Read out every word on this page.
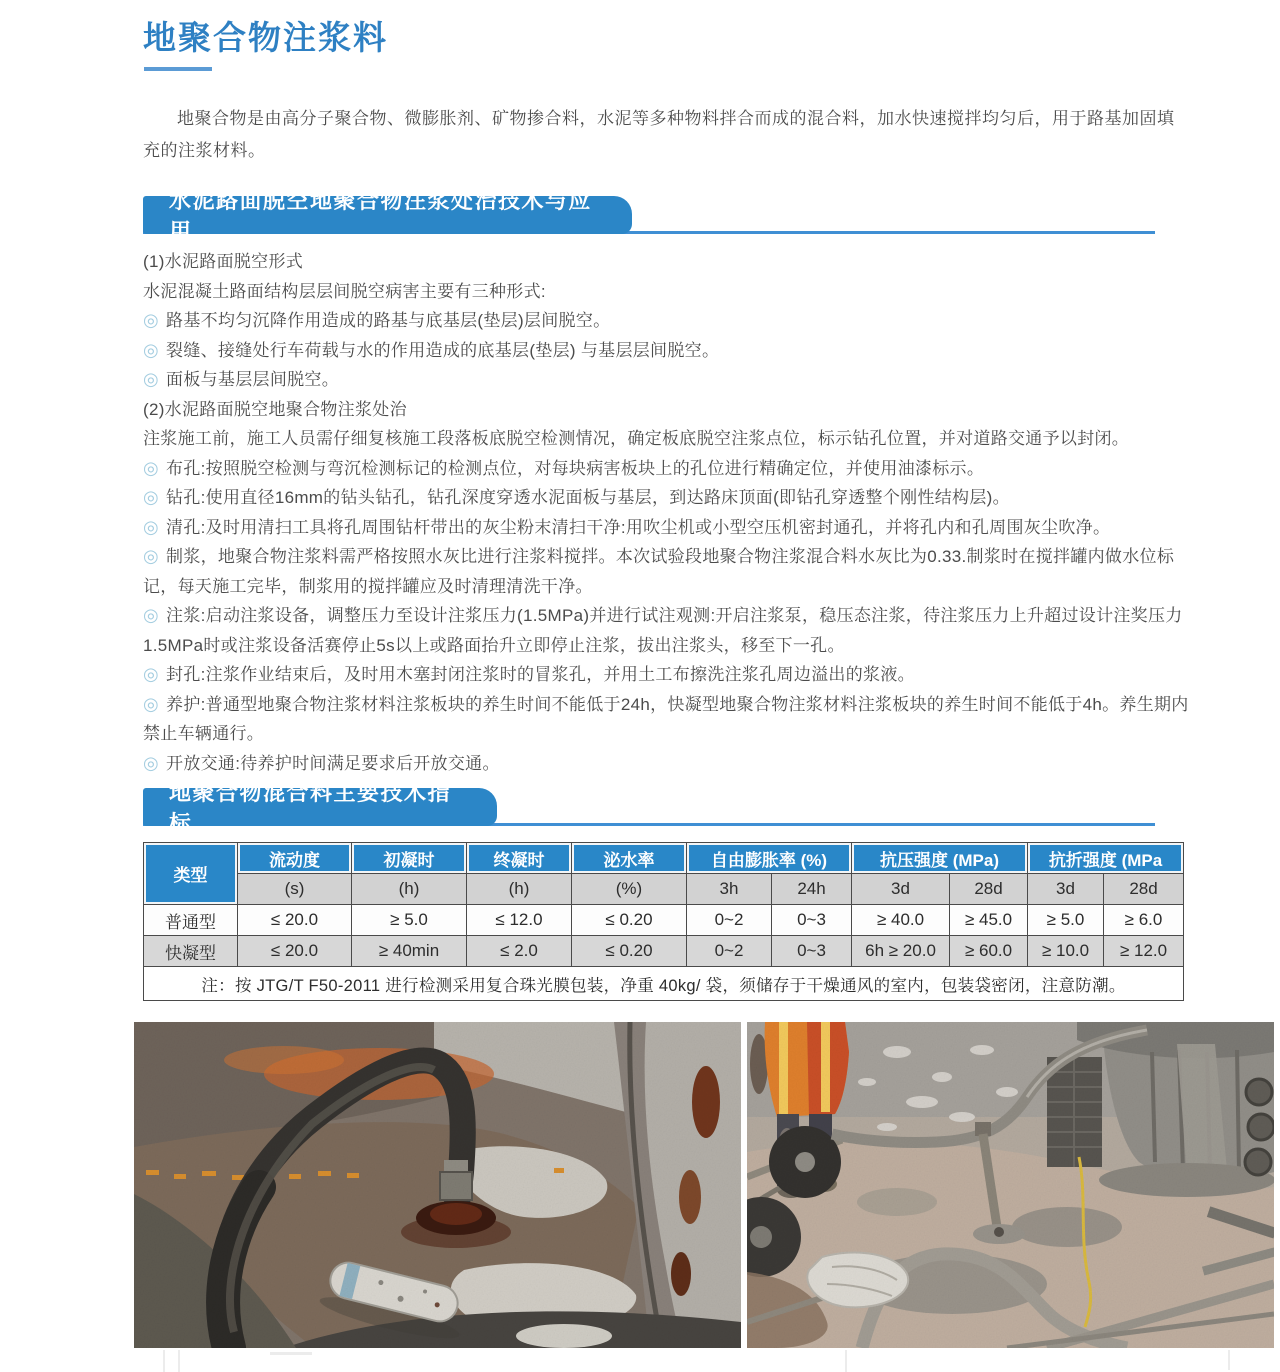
地聚合物注浆料

地聚合物是由高分子聚合物、微膨胀剂、矿物掺合料，水泥等多种物料拌合而成的混合料，加水快速搅拌均匀后，用于路基加固填充的注浆材料。

水泥路面脱空地聚合物注浆处治技术与应用

(1)水泥路面脱空形式

水泥混凝土路面结构层层间脱空病害主要有三种形式:

◎ 路基不均匀沉降作用造成的路基与底基层(垫层)层间脱空。

◎ 裂缝、接缝处行车荷载与水的作用造成的底基层(垫层) 与基层层间脱空。

◎ 面板与基层层间脱空。

(2)水泥路面脱空地聚合物注浆处治

注浆施工前，施工人员需仔细复核施工段落板底脱空检测情况，确定板底脱空注浆点位，标示钻孔位置，并对道路交通予以封闭。

◎ 布孔:按照脱空检测与弯沉检测标记的检测点位，对每块病害板块上的孔位进行精确定位，并使用油漆标示。

◎ 钻孔:使用直径16mm的钻头钻孔，钻孔深度穿透水泥面板与基层，到达路床顶面(即钻孔穿透整个刚性结构层)。

◎ 清孔:及时用清扫工具将孔周围钻杆带出的灰尘粉末清扫干净:用吹尘机或小型空压机密封通孔，并将孔内和孔周围灰尘吹净。

◎ 制浆，地聚合物注浆料需严格按照水灰比进行注浆料搅拌。本次试验段地聚合物注浆混合料水灰比为0.33.制浆时在搅拌罐内做水位标记，每天施工完毕，制浆用的搅拌罐应及时清理清洗干净。

◎ 注浆:启动注浆设备，调整压力至设计注浆压力(1.5MPa)并进行试注观测:开启注浆泵，稳压态注浆，待注浆压力上升超过设计注奖压力1.5MPa时或注浆设备活赛停止5s以上或路面抬升立即停止注浆，拔出注浆头，移至下一孔。

◎ 封孔:注浆作业结束后，及时用木塞封闭注浆时的冒浆孔，并用土工布擦洗注浆孔周边溢出的浆液。

◎ 养护:普通型地聚合物注浆材料注浆板块的养生时间不能低于24h，快凝型地聚合物注浆材料注浆板块的养生时间不能低于4h。养生期内禁止车辆通行。

◎ 开放交通:待养护时间满足要求后开放交通。

地聚合物混合料主要技术指标
类型	流动度	初凝时	终凝时	泌水率	自由膨胀率 (%)		抗压强度 (MPa)		抗折强度 (MPa	
	(s)	(h)	(h)	(%)	3h	24h	3d	28d	3d	28d
普通型	≤ 20.0	≥ 5.0	≤ 12.0	≤ 0.20	0~2	0~3	≥ 40.0	≥ 45.0	≥ 5.0	≥ 6.0
快凝型	≤ 20.0	≥ 40min	≤ 2.0	≤ 0.20	0~2	0~3	6h ≥ 20.0	≥ 60.0	≥ 10.0	≥ 12.0
注：按 JTG/T F50-2011 进行检测采用复合珠光膜包装，净重 40kg/ 袋，须储存于干燥通风的室内，包装袋密闭，注意防潮。										
